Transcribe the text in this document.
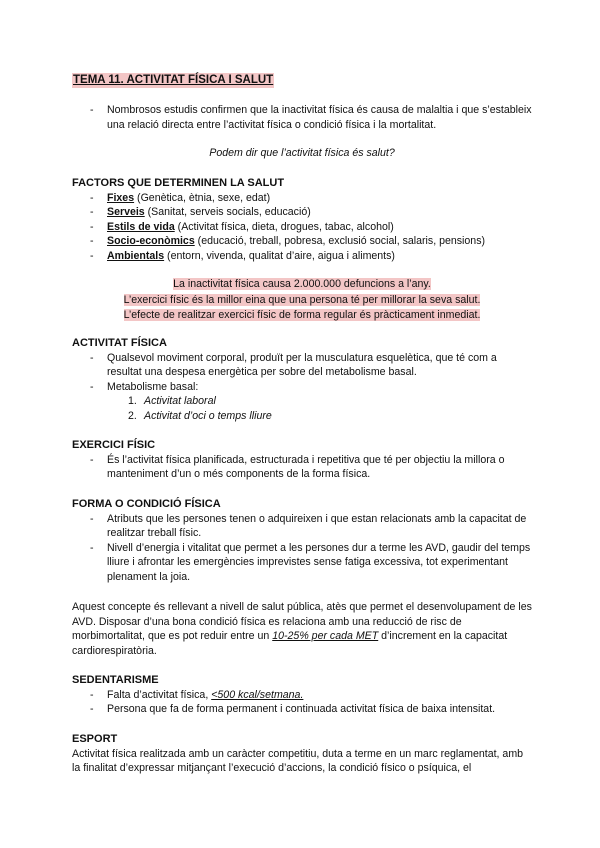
TEMA 11. ACTIVITAT FÍSICA I SALUT
- Nombrosos estudis confirmen que la inactivitat física és causa de malaltia i que s’estableix una relació directa entre l’activitat física o condició física i la mortalitat.
Podem dir que l’activitat física és salut?
FACTORS QUE DETERMINEN LA SALUT
- Fixes (Genètica, ètnia, sexe, edat)
- Serveis (Sanitat, serveis socials, educació)
- Estils de vida (Activitat física, dieta, drogues, tabac, alcohol)
- Socio-econòmics (educació, treball, pobresa, exclusió social, salaris, pensions)
- Ambientals (entorn, vivenda, qualitat d’aire, aigua i aliments)
La inactivitat física causa 2.000.000 defuncions a l’any.
L’exercici físic és la millor eina que una persona té per millorar la seva salut.
L’efecte de realitzar exercici físic de forma regular és pràcticament inmediat.
ACTIVITAT FÍSICA
- Qualsevol moviment corporal, produït per la musculatura esquelètica, que té com a resultat una despesa energètica per sobre del metabolisme basal.
- Metabolisme basal:
1. Activitat laboral
2. Activitat d’oci o temps lliure
EXERCICI FÍSIC
- És l’activitat física planificada, estructurada i repetitiva que té per objectiu la millora o manteniment d’un o més components de la forma física.
FORMA O CONDICIÓ FÍSICA
- Atributs que les persones tenen o adquireixen i que estan relacionats amb la capacitat de realitzar treball físic.
- Nivell d’energia i vitalitat que permet a les persones dur a terme les AVD, gaudir del temps lliure i afrontar les emergències imprevistes sense fatiga excessiva, tot experimentant plenament la joia.
Aquest concepte és rellevant a nivell de salut pública, atès que permet el desenvolupament de les AVD. Disposar d’una bona condició física es relaciona amb una reducció de risc de morbimortalitat, que es pot reduir entre un 10-25% per cada MET d’increment en la capacitat cardiorespiratòria.
SEDENTARISME
- Falta d’activitat física, <500 kcal/setmana.
- Persona que fa de forma permanent i continuada activitat física de baixa intensitat.
ESPORT
Activitat física realitzada amb un caràcter competitiu, duta a terme en un marc reglamentat, amb la finalitat d’expressar mitjançant l’execució d’accions, la condició físico o psíquica, el
